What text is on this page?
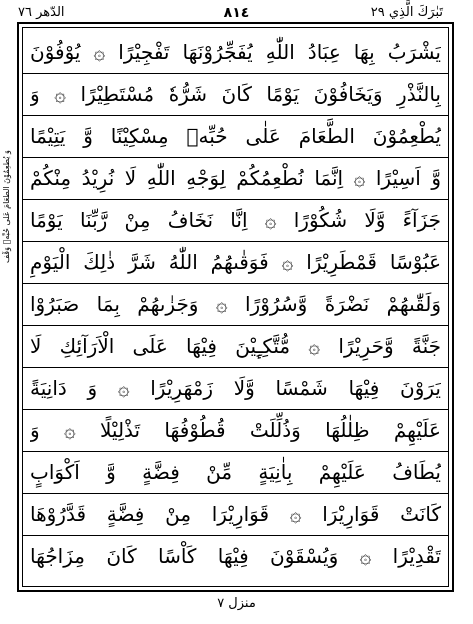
تَبٰرَكَ الَّذِي ٢٩
٨١٤
الدّهر ٧٦
يَشْرَبُ بِهَا عِبَادُ اللّٰهِ يُفَجِّرُوْنَهَا تَفْجِيْرًا ۞ يُوْفُوْنَ
بِالنَّذْرِ وَيَخَافُوْنَ يَوْمًا كَانَ شَرُّهٗ مُسْتَطِيْرًا ۞ وَ
يُطْعِمُوْنَ الطَّعَامَ عَلٰى حُبِّهٖ مِسْكِيْنًا وَّ يَتِيْمًا
وَّ اَسِيْرًا ۞ اِنَّمَا نُطْعِمُكُمْ لِوَجْهِ اللّٰهِ لَا نُرِيْدُ مِنْكُمْ
جَزَآءً وَّلَا شُكُوْرًا ۞ اِنَّا نَخَافُ مِنْ رَّبِّنَا يَوْمًا
عَبُوْسًا قَمْطَرِيْرًا ۞ فَوَقٰىهُمُ اللّٰهُ شَرَّ ذٰلِكَ الْيَوْمِ
وَلَقّٰىهُمْ نَضْرَةً وَّسُرُوْرًا ۞ وَجَزٰىهُمْ بِمَا صَبَرُوْا
جَنَّةً وَّحَرِيْرًا ۞ مُّتَّكِـِٕيْنَ فِيْهَا عَلَى الْاَرَآئِكِ لَا
يَرَوْنَ فِيْهَا شَمْسًا وَّلَا زَمْهَرِيْرًا ۞ وَ دَانِيَةً
عَلَيْهِمْ ظِلٰلُهَا وَذُلِّلَتْ قُطُوْفُهَا تَذْلِيْلًا ۞ وَ
يُطَافُ عَلَيْهِمْ بِاٰنِيَةٍ مِّنْ فِضَّةٍ وَّ اَكْوَابٍ
كَانَتْ قَوَارِيْرَا ۞ قَوَارِيْرَا مِنْ فِضَّةٍ قَدَّرُوْهَا
تَقْدِيْرًا ۞ وَيُسْقَوْنَ فِيْهَا كَاْسًا كَانَ مِزَاجُهَا
وَ يُطْعِمُوْنَ الطَّعَامَ عَلٰى حُبِّهٖ وَقْف
منزل ٧
